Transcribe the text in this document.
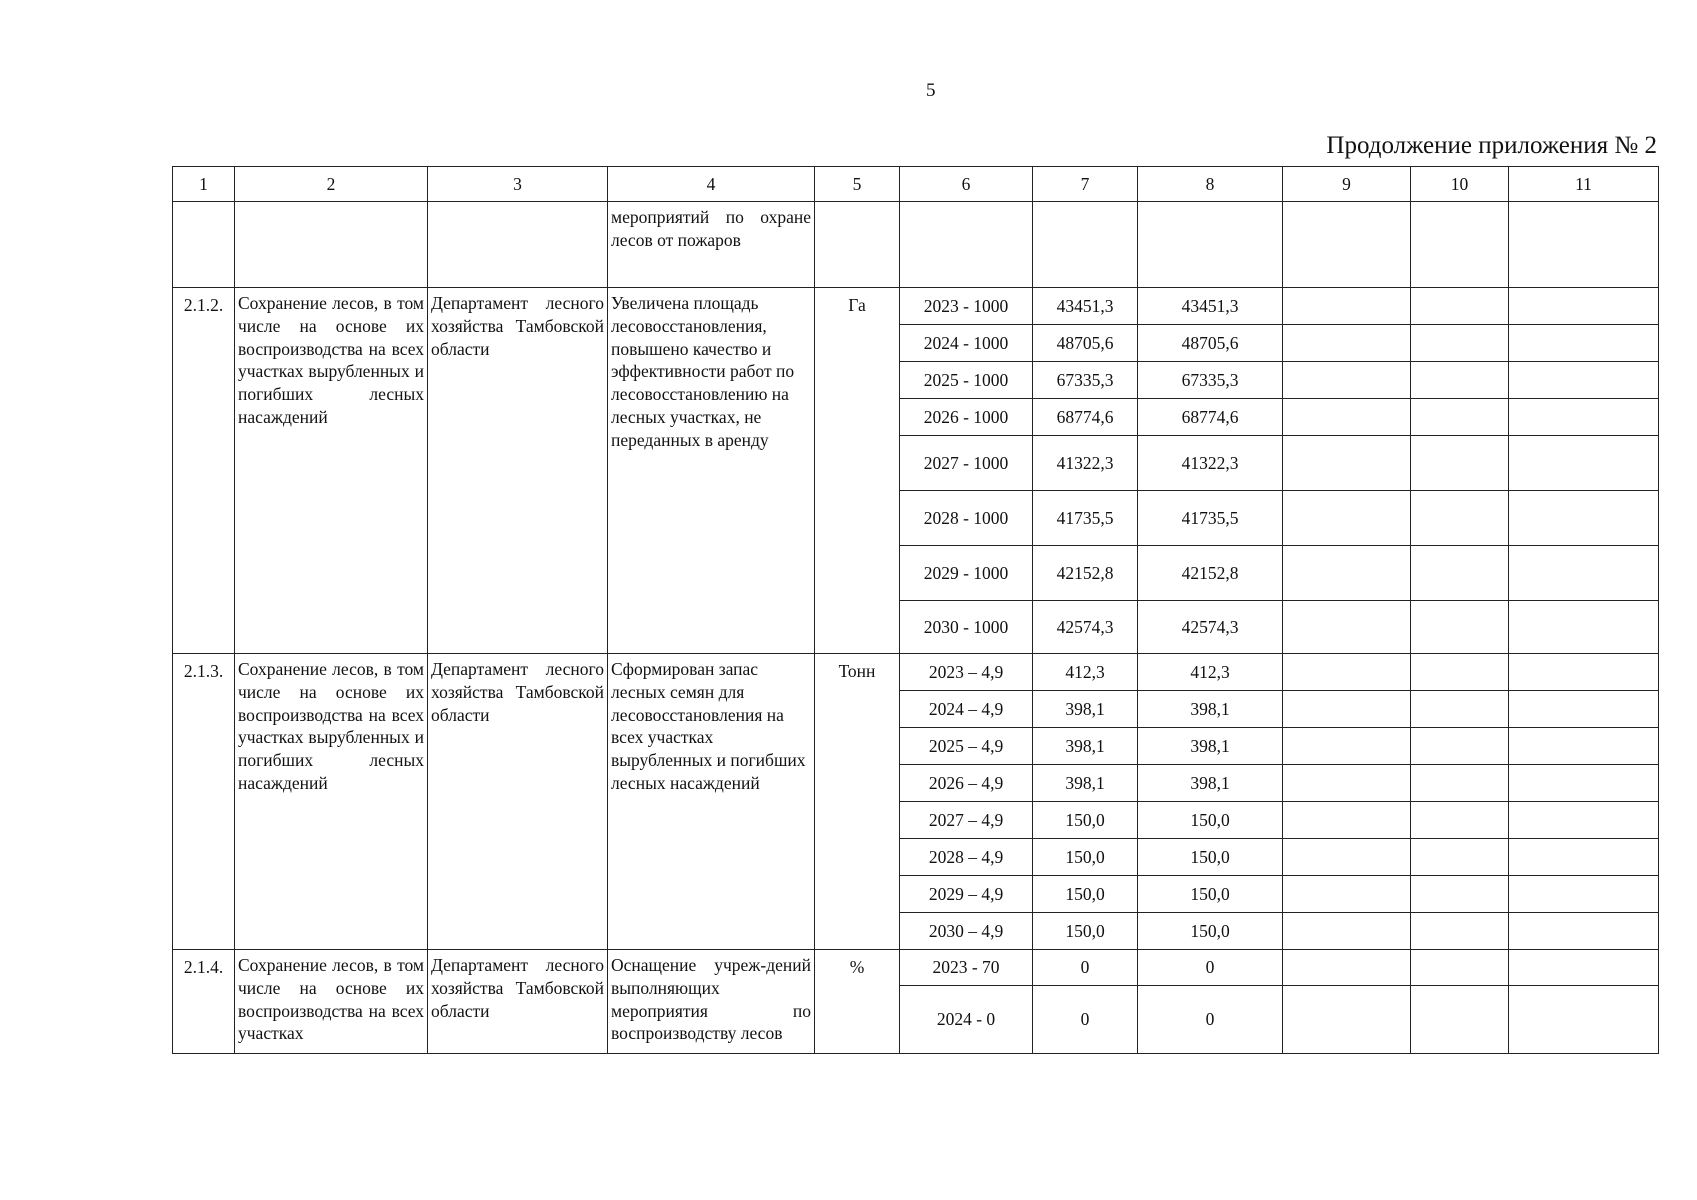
5
Продолжение приложения № 2
1	2	3	4	5	6	7	8	9	10	11
			мероприятий по охране лесов от пожаров							
2.1.2.	Сохранение лесов, в том числе на основе их воспроизводства на всех участках вырубленных и погибших лесных насаждений	Департамент лесного хозяйства Тамбовской области	Увеличена площадь лесовосстановления, повышено качество и эффективности работ по лесовосстановлению на лесных участках, не переданных в аренду	Га	2023 - 1000	43451,3	43451,3			
					2024 - 1000	48705,6	48705,6			
					2025 - 1000	67335,3	67335,3			
					2026 - 1000	68774,6	68774,6			
					2027 - 1000	41322,3	41322,3			
					2028 - 1000	41735,5	41735,5			
					2029 - 1000	42152,8	42152,8			
					2030 - 1000	42574,3	42574,3			
2.1.3.	Сохранение лесов, в том числе на основе их воспроизводства на всех участках вырубленных и погибших лесных насаждений	Департамент лесного хозяйства Тамбовской области	Сформирован запас лесных семян для лесовосстановления на всех участках вырубленных и погибших лесных насаждений	Тонн	2023 – 4,9	412,3	412,3			
					2024 – 4,9	398,1	398,1			
					2025 – 4,9	398,1	398,1			
					2026 – 4,9	398,1	398,1			
					2027 – 4,9	150,0	150,0			
					2028 – 4,9	150,0	150,0			
					2029 – 4,9	150,0	150,0			
					2030 – 4,9	150,0	150,0			
2.1.4.	Сохранение лесов, в том числе на основе их воспроизводства на всех участках	Департамент лесного хозяйства Тамбовской области	Оснащение учреж-дений выполняющих мероприятия по воспроизводству лесов	%	2023 - 70	0	0			
					2024 - 0	0	0			
